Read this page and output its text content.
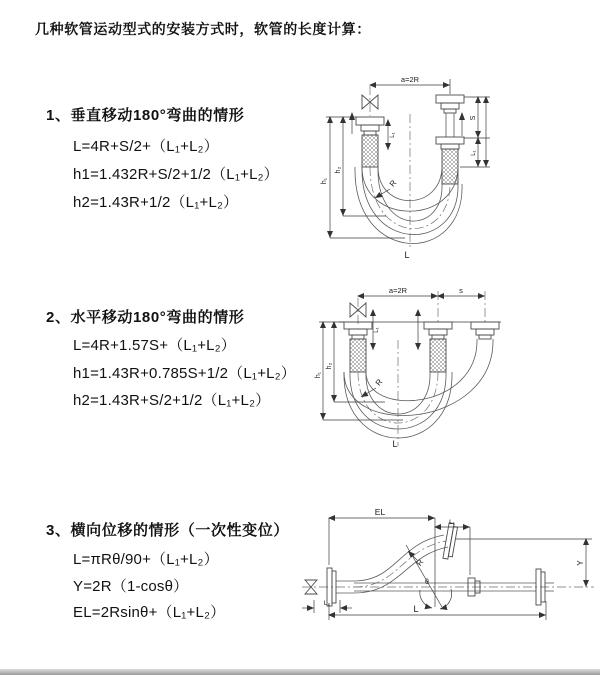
几种软管运动型式的安装方式时，软管的长度计算：
1、垂直移动180°弯曲的情形
L=4R+S/2+（L₁+L₂）
h1=1.432R+S/2+1/2（L₁+L₂）
h2=1.43R+1/2（L₁+L₂）
a=2R
h₁
h₂
L₁
S
L₁
R
L
2、水平移动180°弯曲的情形
L=4R+1.57S+（L₁+L₂）
h1=1.43R+0.785S+1/2（L₁+L₂）
h2=1.43R+S/2+1/2（L₁+L₂）
a=2R	s
h₁
h₂
L₁
R
L
3、横向位移的情形（一次性变位）
L=πRθ/90+（L₁+L₂）
Y=2R（1-cosθ）
EL=2Rsinθ+（L₁+L₂）
EL
L₁
Y
θ
R
L₂
L
